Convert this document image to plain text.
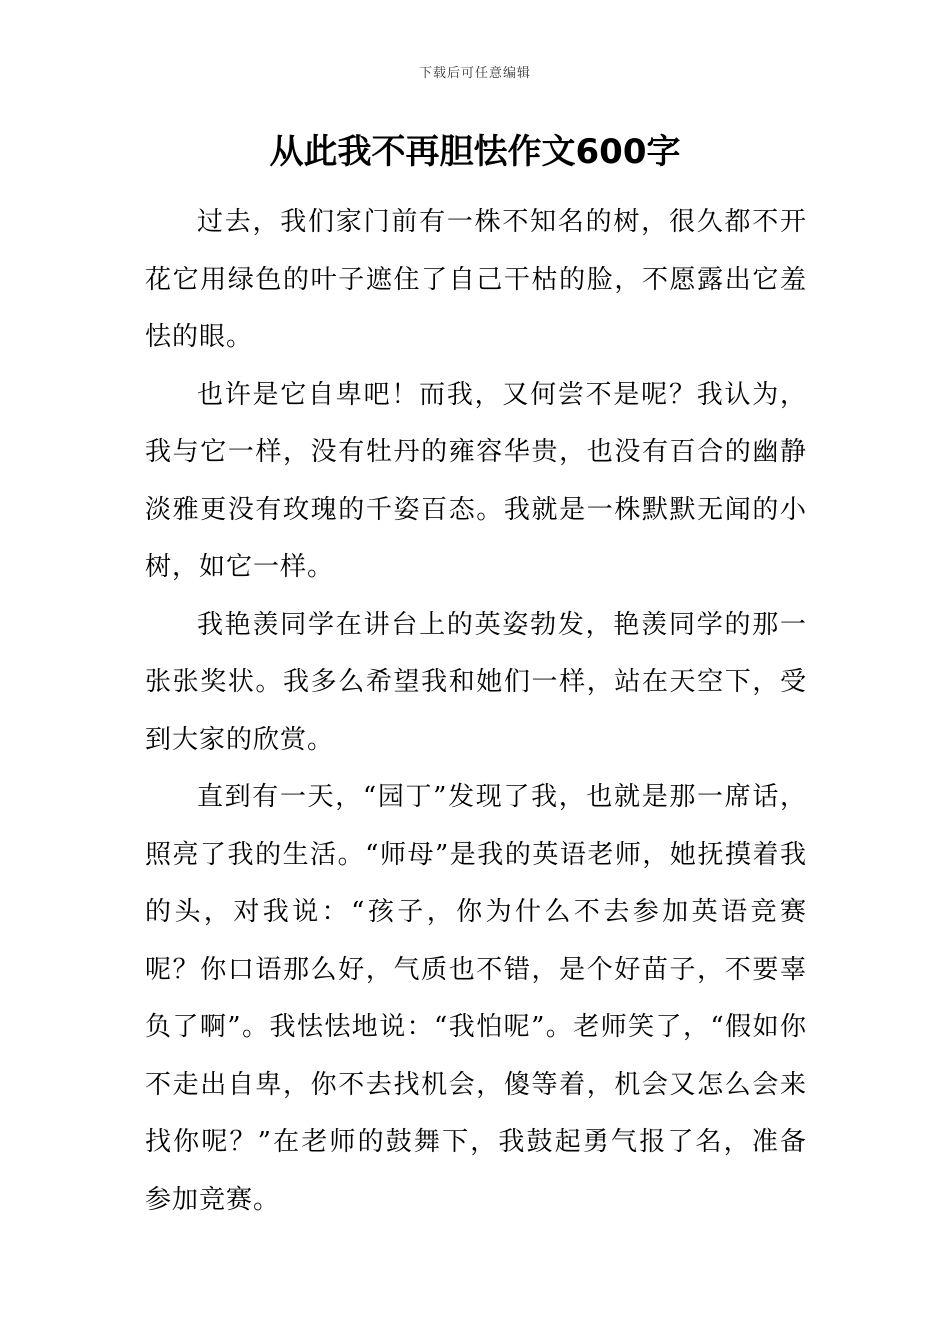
下载后可任意编辑
从此我不再胆怯作文600字

过去，我们家门前有一株不知名的树，很久都不开花它用绿色的叶子遮住了自己干枯的脸，不愿露出它羞怯的眼。

也许是它自卑吧！而我，又何尝不是呢？我认为，我与它一样，没有牡丹的雍容华贵，也没有百合的幽静淡雅更没有玫瑰的千姿百态。我就是一株默默无闻的小树，如它一样。

我艳羡同学在讲台上的英姿勃发，艳羡同学的那一张张奖状。我多么希望我和她们一样，站在天空下，受到大家的欣赏。

直到有一天，“园丁”发现了我，也就是那一席话，照亮了我的生活。“师母”是我的英语老师，她抚摸着我的头，对我说：“孩子，你为什么不去参加英语竞赛呢？你口语那么好，气质也不错，是个好苗子，不要辜负了啊”。我怯怯地说：“我怕呢”。老师笑了，“假如你不走出自卑，你不去找机会，傻等着，机会又怎么会来找你呢？”在老师的鼓舞下，我鼓起勇气报了名，准备参加竞赛。
